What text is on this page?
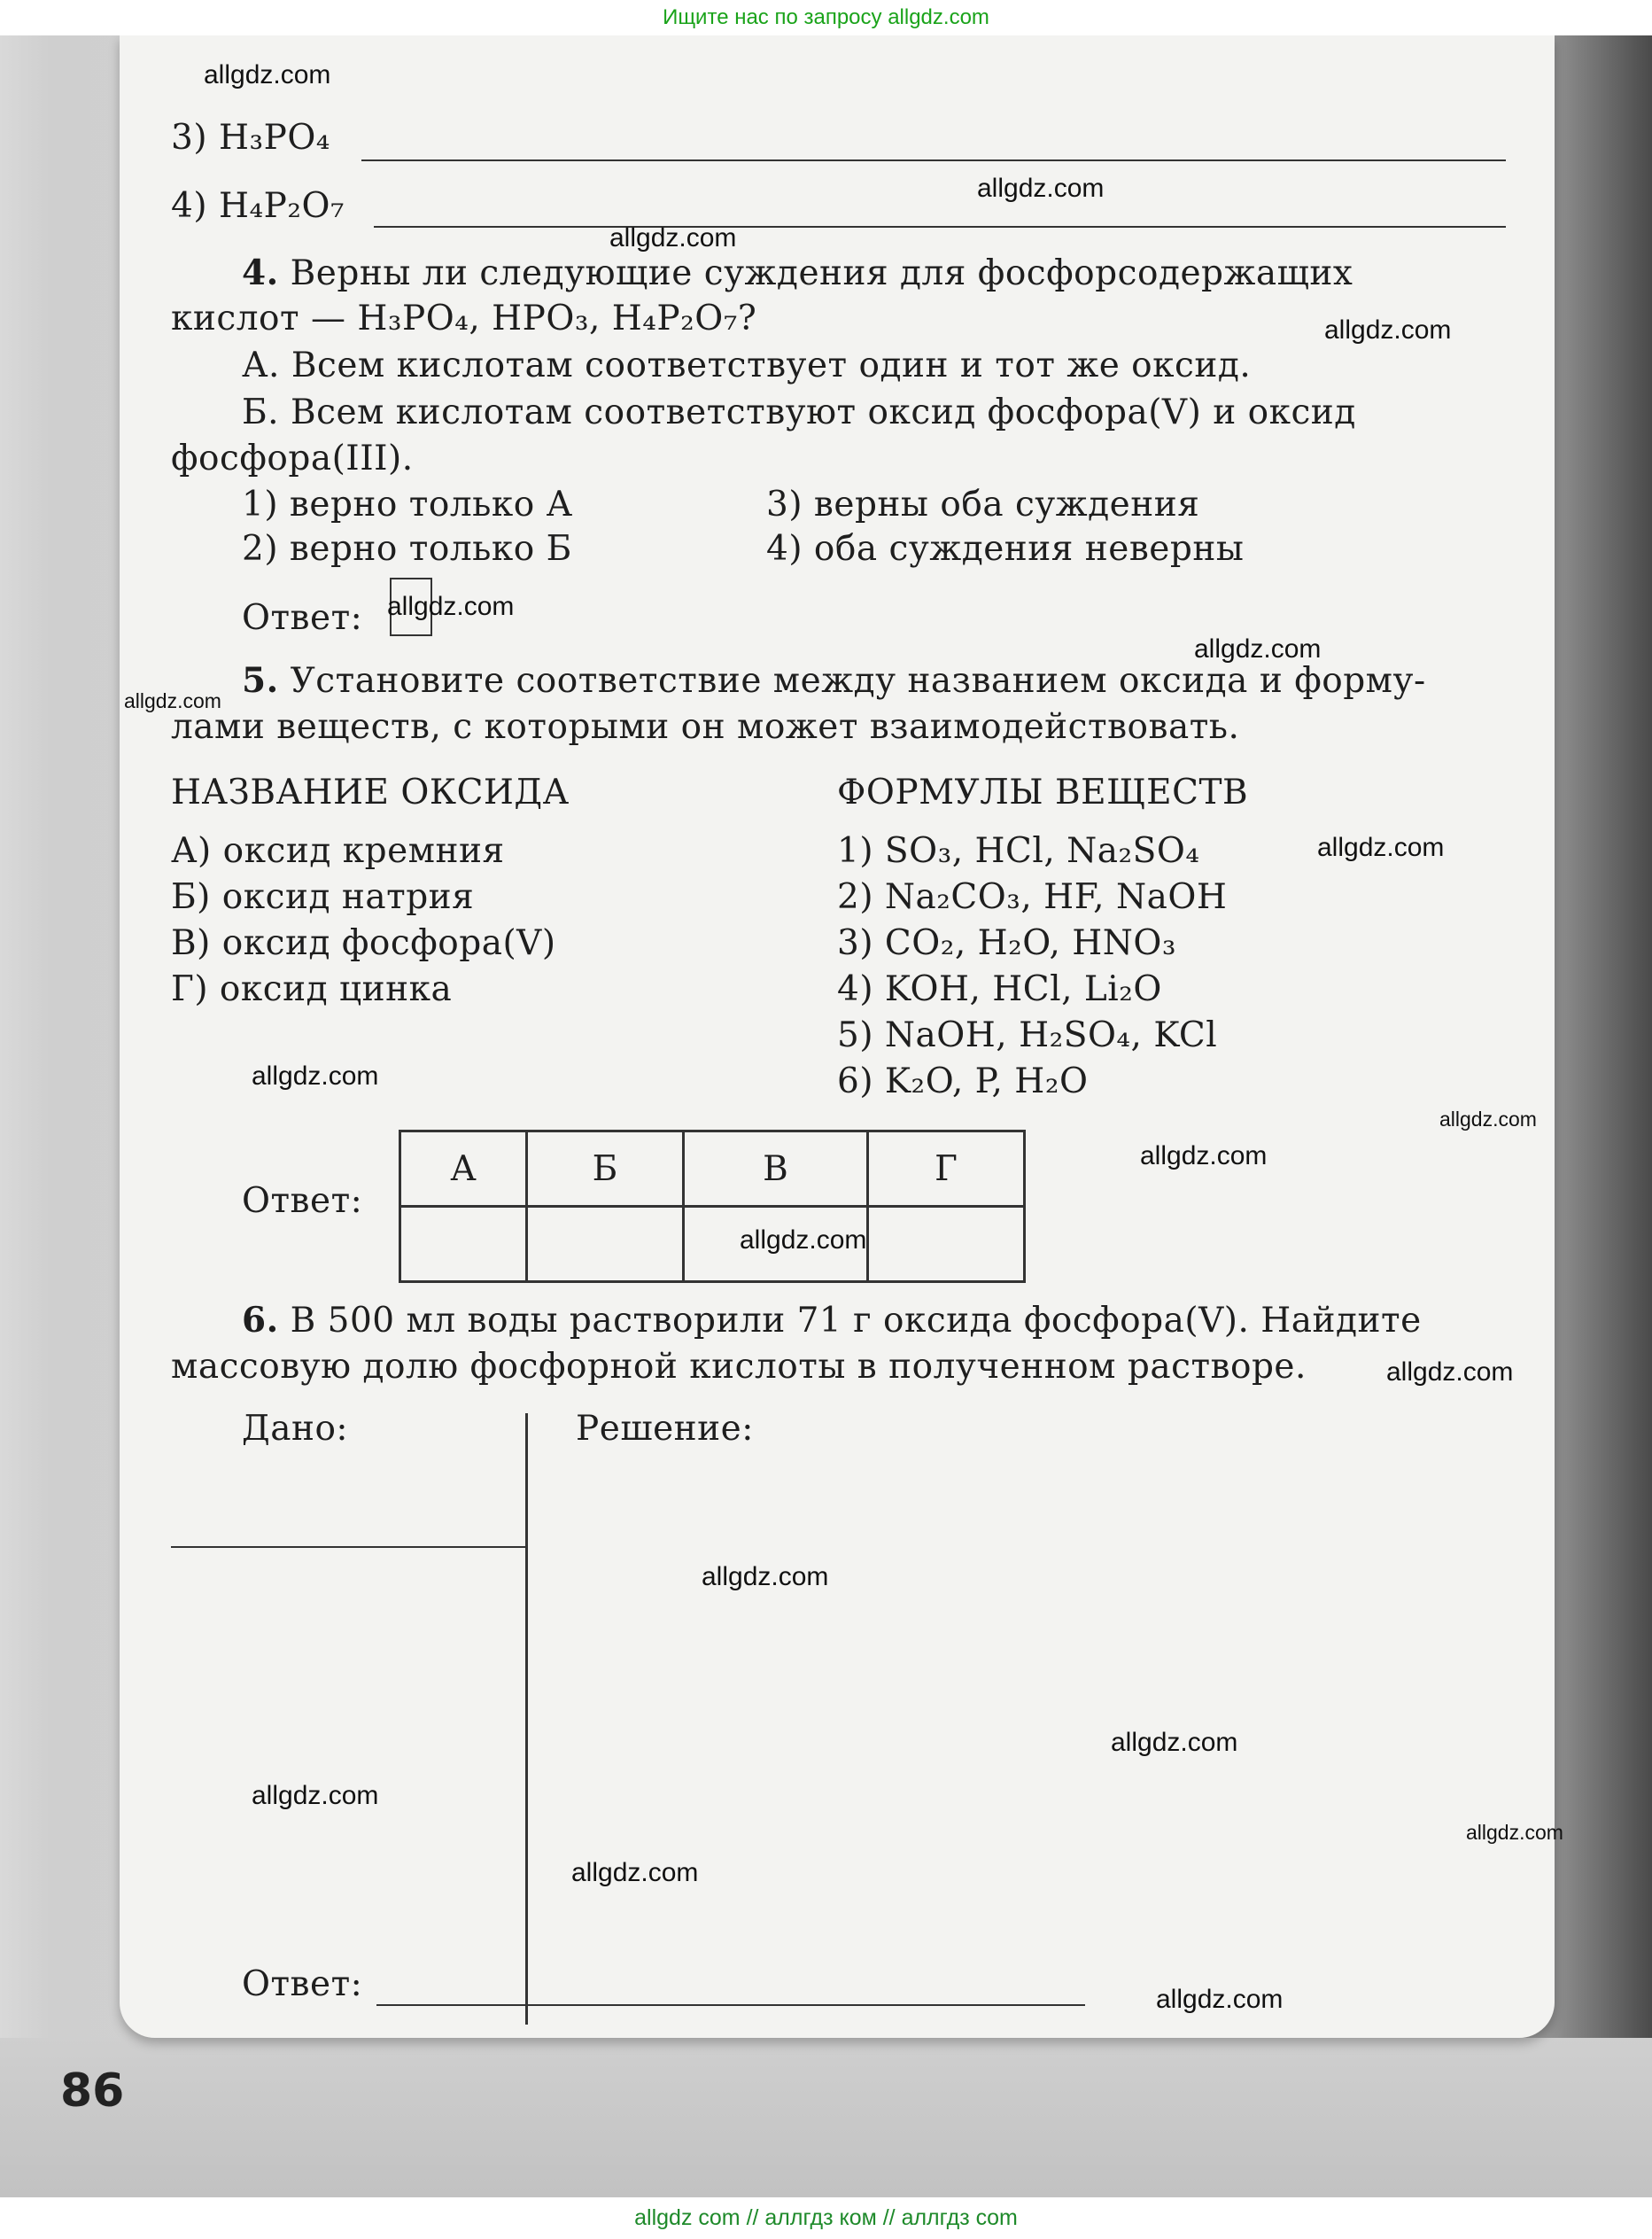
Ищите нас по запросу allgdz.com
3) H₃PO₄
4) H₄P₂O₇
4. Верны ли следующие суждения для фосфорсодержащих
кислот — H₃PO₄, HPO₃, H₄P₂O₇?
А. Всем кислотам соответствует один и тот же оксид.
Б. Всем кислотам соответствуют оксид фосфора(V) и оксид
фосфора(III).
1) верно только А	3) верны оба суждения
2) верно только Б	4) оба суждения неверны
Ответ:
5. Установите соответствие между названием оксида и форму-
лами веществ, с которыми он может взаимодействовать.
НАЗВАНИЕ ОКСИДА	ФОРМУЛЫ ВЕЩЕСТВ
А) оксид кремния
Б) оксид натрия
В) оксид фосфора(V)
Г) оксид цинка
1) SO₃, HCl, Na₂SO₄
2) Na₂CO₃, HF, NaOH
3) CO₂, H₂O, HNO₃
4) KOH, HCl, Li₂O
5) NaOH, H₂SO₄, KCl
6) K₂O, P, H₂O
Ответ:
А	Б	В	Г

6. В 500 мл воды растворили 71 г оксида фосфора(V). Найдите
массовую долю фосфорной кислоты в полученном растворе.
Дано:	Решение:
Ответ:
86
allgdz.com
allgdz.com
allgdz.com
allgdz.com
allgdz.com
allgdz.com
allgdz.com
allgdz.com
allgdz.com
allgdz.com
allgdz.com
allgdz.com
allgdz.com
allgdz.com
allgdz.com
allgdz.com
allgdz.com
allgdz.com
allgdz.com
allgdz com // аллгдз ком // аллгдз com
